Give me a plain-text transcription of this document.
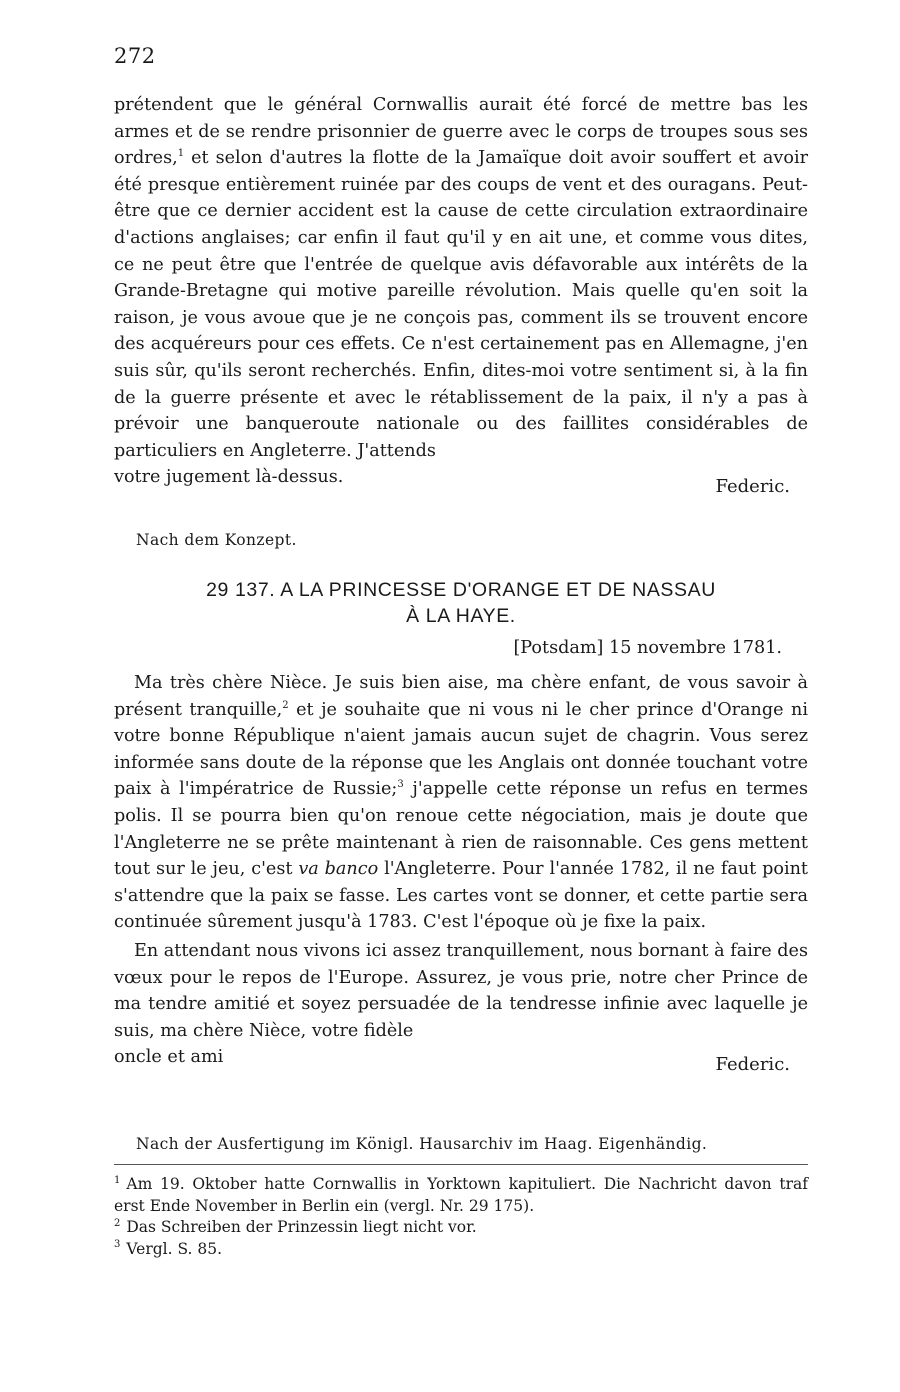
272

prétendent que le général Cornwallis aurait été forcé de mettre bas les armes et de se rendre prisonnier de guerre avec le corps de troupes sous ses ordres,$^1$ et selon d'autres la flotte de la Jamaïque doit avoir souffert et avoir été presque entièrement ruinée par des coups de vent et des ouragans. Peut-être que ce dernier accident est la cause de cette circulation extraordinaire d'actions anglaises; car enfin il faut qu'il y en ait une, et comme vous dites, ce ne peut être que l'entrée de quelque avis défavorable aux intérêts de la Grande-Bretagne qui motive pareille révolution. Mais quelle qu'en soit la raison, je vous avoue que je ne conçois pas, comment ils se trouvent encore des acquéreurs pour ces effets. Ce n'est certainement pas en Allemagne, j'en suis sûr, qu'ils seront recherchés. Enfin, dites-moi votre sentiment si, à la fin de la guerre présente et avec le rétablissement de la paix, il n'y a pas à prévoir une banqueroute nationale ou des faillites considérables de particuliers en Angleterre. J'attends

votre jugement là-dessus.	Federic.
Nach dem Konzept.
29 137. A LA PRINCESSE D'ORANGE ET DE NASSAU
À LA HAYE.
[Potsdam] 15 novembre 1781.

Ma très chère Nièce. Je suis bien aise, ma chère enfant, de vous savoir à présent tranquille,$^2$ et je souhaite que ni vous ni le cher prince d'Orange ni votre bonne République n'aient jamais aucun sujet de chagrin. Vous serez informée sans doute de la réponse que les Anglais ont donnée touchant votre paix à l'impératrice de Russie;$^3$ j'appelle cette réponse un refus en termes polis. Il se pourra bien qu'on renoue cette négociation, mais je doute que l'Angleterre ne se prête maintenant à rien de raisonnable. Ces gens mettent tout sur le jeu, c'est va banco l'Angleterre. Pour l'année 1782, il ne faut point s'attendre que la paix se fasse. Les cartes vont se donner, et cette partie sera continuée sûrement jusqu'à 1783. C'est l'époque où je fixe la paix.

En attendant nous vivons ici assez tranquillement, nous bornant à faire des vœux pour le repos de l'Europe. Assurez, je vous prie, notre cher Prince de ma tendre amitié et soyez persuadée de la tendresse infinie avec laquelle je suis, ma chère Nièce, votre fidèle

oncle et ami	Federic.
Nach der Ausfertigung im Königl. Hausarchiv im Haag. Eigenhändig.

$^1$ Am 19. Oktober hatte Cornwallis in Yorktown kapituliert. Die Nachricht davon traf erst Ende November in Berlin ein (vergl. Nr. 29 175).

$^2$ Das Schreiben der Prinzessin liegt nicht vor.

$^3$ Vergl. S. 85.
